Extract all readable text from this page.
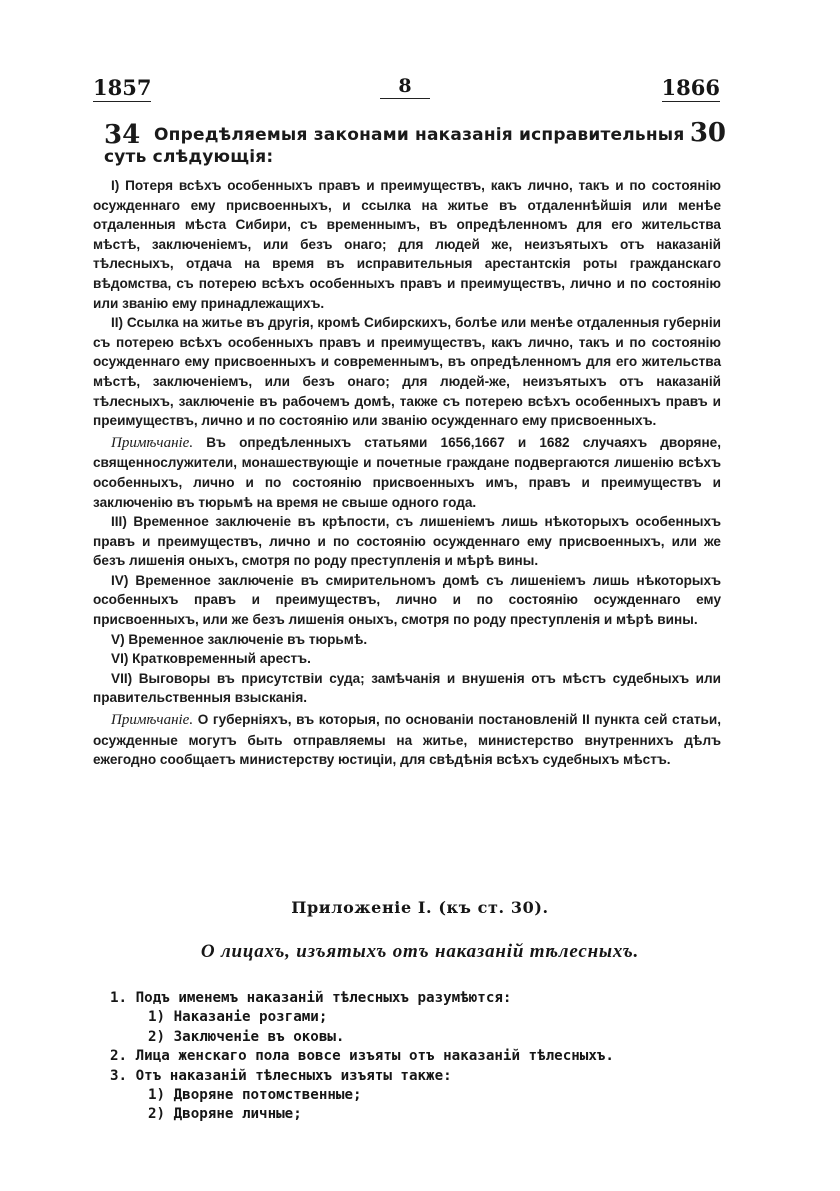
1857	8	1866
34 Опредѣляемыя законами наказанія исправительныя суть слѣдующія:
30

I) Потеря всѣхъ особенныхъ правъ и преимуществъ, какъ лично, такъ и по состоянію осужденнаго ему присвоенныхъ, и ссылка на житье въ отдаленнѣйшія или менѣе отдаленныя мѣста Сибири, съ временнымъ, въ опредѣленномъ для его жительства мѣстѣ, заключеніемъ, или безъ онаго; для людей же, неизъятыхъ отъ наказаній тѣлесныхъ, отдача на время въ исправительныя арестантскія роты гражданскаго вѣдомства, съ потерею всѣхъ особенныхъ правъ и преимуществъ, лично и по состоянію или званію ему принадлежащихъ.

II) Ссылка на житье въ другія, кромѣ Сибирскихъ, болѣе или менѣе отдаленныя губерніи съ потерею всѣхъ особенныхъ правъ и преимуществъ, какъ лично, такъ и по состоянію осужденнаго ему присвоенныхъ и современнымъ, въ опредѣленномъ для его жительства мѣстѣ, заключеніемъ, или безъ онаго; для людей-же, неизъятыхъ отъ наказаній тѣлесныхъ, заключеніе въ рабочемъ домѣ, также съ потерею всѣхъ особенныхъ правъ и преимуществъ, лично и по состоянію или званію осужденнаго ему присвоенныхъ.

Примѣчаніе. Въ опредѣленныхъ статьями 1656,1667 и 1682 случаяхъ дворяне, священнослужители, монашествующіе и почетные граждане подвергаются лишенію всѣхъ особенныхъ, лично и по состоянію присвоенныхъ имъ, правъ и преимуществъ и заключенію въ тюрьмѣ на время не свыше одного года.

III) Временное заключеніе въ крѣпости, съ лишеніемъ лишь нѣкоторыхъ особенныхъ правъ и преимуществъ, лично и по состоянію осужденнаго ему присвоенныхъ, или же безъ лишенія оныхъ, смотря по роду преступленія и мѣрѣ вины.

IV) Временное заключеніе въ смирительномъ домѣ съ лишеніемъ лишь нѣкоторыхъ особенныхъ правъ и преимуществъ, лично и по состоянію осужденнаго ему присвоенныхъ, или же безъ лишенія оныхъ, смотря по роду преступленія и мѣрѣ вины.

V) Временное заключеніе въ тюрьмѣ.

VI) Кратковременный арестъ.

VII) Выговоры въ присутствіи суда; замѣчанія и внушенія отъ мѣстъ судебныхъ или правительственныя взысканія.

Примѣчаніе. О губерніяхъ, въ которыя, по основаніи постановленій II пункта сей статьи, осужденные могутъ быть отправляемы на житье, министерство внутреннихъ дѣлъ ежегодно сообщаетъ министерству юстиціи, для свѣдѣнія всѣхъ судебныхъ мѣстъ.

Приложеніе I. (къ ст. 30).
О лицахъ, изъятыхъ отъ наказаній тѣлесныхъ.
1. Подъ именемъ наказаній тѣлесныхъ разумѣются:
1) Наказаніе розгами;
2) Заключеніе въ оковы.
2. Лица женскаго пола вовсе изъяты отъ наказаній тѣлесныхъ.
3. Отъ наказаній тѣлесныхъ изъяты также:
1) Дворяне потомственные;
2) Дворяне личные;
